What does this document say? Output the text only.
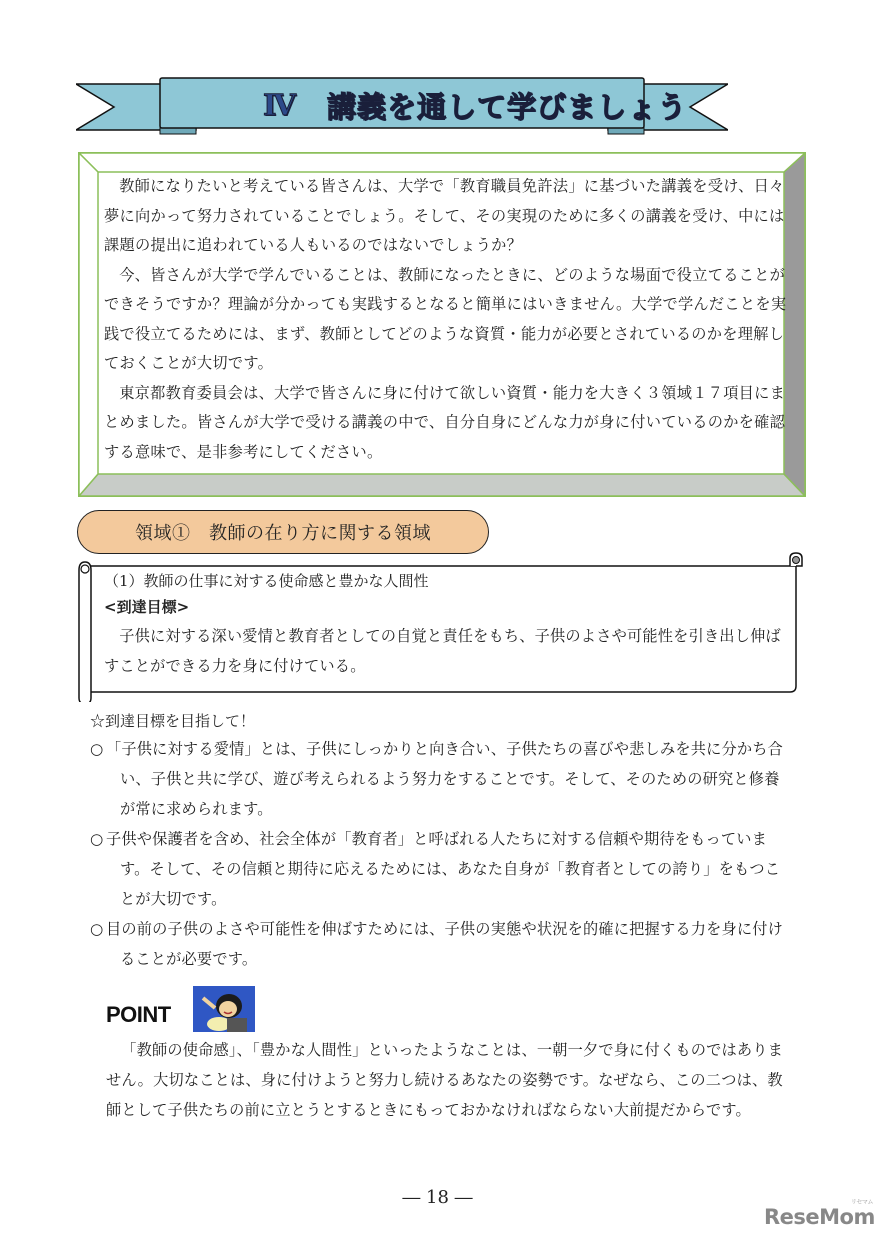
Ⅳ 講義を通して学びましょう

教師になりたいと考えている皆さんは、大学で「教育職員免許法」に基づいた講義を受け、日々夢に向かって努力されていることでしょう。そして、その実現のために多くの講義を受け、中には課題の提出に追われている人もいるのではないでしょうか？

今、皆さんが大学で学んでいることは、教師になったときに、どのような場面で役立てることができそうですか？理論が分かっても実践するとなると簡単にはいきません。大学で学んだことを実践で役立てるためには、まず、教師としてどのような資質・能力が必要とされているのかを理解しておくことが大切です。

東京都教育委員会は、大学で皆さんに身に付けて欲しい資質・能力を大きく３領域１７項目にまとめました。皆さんが大学で受ける講義の中で、自分自身にどんな力が身に付いているのかを確認する意味で、是非参考にしてください。

領域①　教師の在り方に関する領域
（1）教師の仕事に対する使命感と豊かな人間性
<到達目標>
子供に対する深い愛情と教育者としての自覚と責任をもち、子供のよさや可能性を引き出し伸ばすことができる力を身に付けている。
☆到達目標を目指して！
○ 「子供に対する愛情」とは、子供にしっかりと向き合い、子供たちの喜びや悲しみを共に分かち合い、子供と共に学び、遊び考えられるよう努力をすることです。そして、そのための研究と修養が常に求められます。
○ 子供や保護者を含め、社会全体が「教育者」と呼ばれる人たちに対する信頼や期待をもっています。そして、その信頼と期待に応えるためには、あなた自身が「教育者としての誇り」をもつことが大切です。
○ 目の前の子供のよさや可能性を伸ばすためには、子供の実態や状況を的確に把握する力を身に付けることが必要です。
POINT
「教師の使命感」、「豊かな人間性」といったようなことは、一朝一夕で身に付くものではありません。大切なことは、身に付けようと努力し続けるあなたの姿勢です。なぜなら、この二つは、教師として子供たちの前に立とうとするときにもっておかなければならない大前提だからです。
― 18 ―
ReseMom
リセマム
